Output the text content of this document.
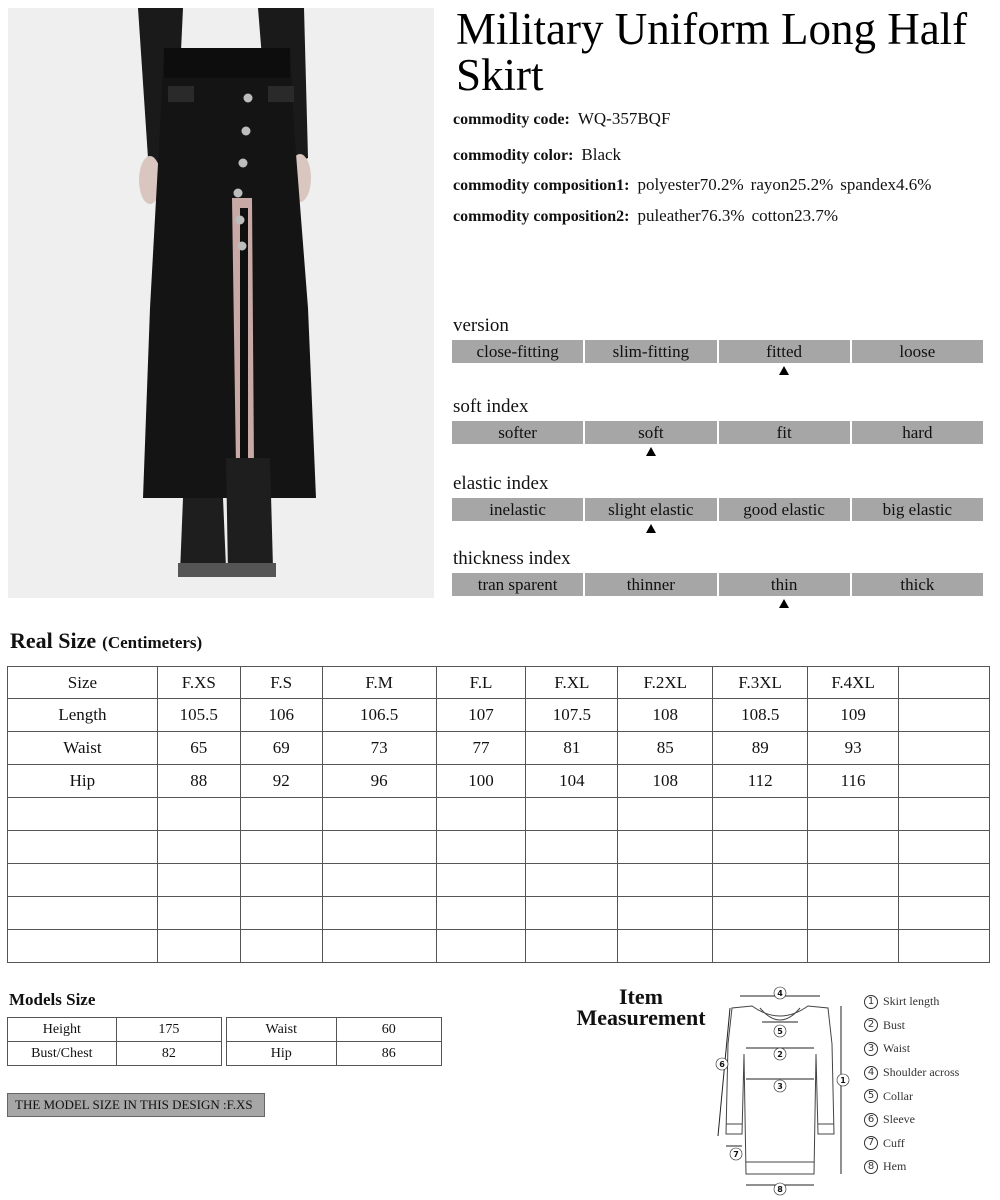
Military Uniform Long Half Skirt
commodity code: WQ-357BQF
commodity color: Black
commodity composition1: polyester70.2% rayon25.2% spandex4.6%
commodity composition2: puleather76.3% cotton23.7%
version
close-fitting	slim-fitting	fitted	loose
soft index
softer	soft	fit	hard
elastic index
inelastic	slight elastic	good elastic	big elastic
thickness index
tran sparent	thinner	thin	thick
Real Size (Centimeters)
Size	F.XS	F.S	F.M	F.L	F.XL	F.2XL	F.3XL	F.4XL	
Length	105.5	106	106.5	107	107.5	108	108.5	109	
Waist	65	69	73	77	81	85	89	93	
Hip	88	92	96	100	104	108	112	116	

Models Size
Height	175
Bust/Chest	82
Waist	60
Hip	86
THE MODEL SIZE IN THIS DESIGN :F.XS
Item Measurement
4
5
2
3
8
1
6
7
1 Skirt length
2 Bust
3 Waist
4 Shoulder across
5 Collar
6 Sleeve
7 Cuff
8 Hem
